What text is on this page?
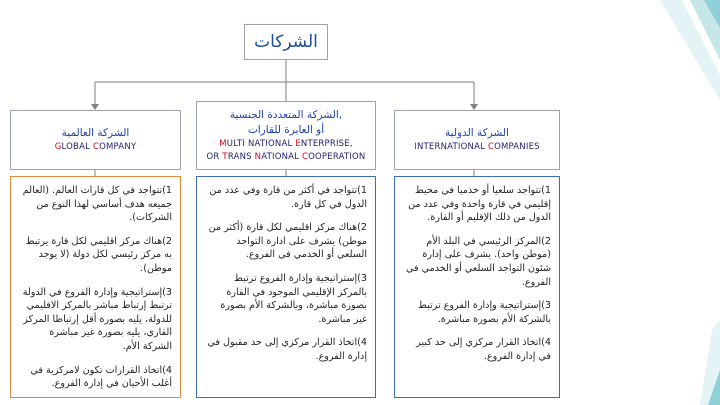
الشركات
الشركة العالمية
GLOBAL COMPANY
الشركة المتعددة الجنسية,
أو العابرة للقارات
MULTI NATIONAL ENTERPRISE,
OR TRANS NATIONAL COOPERATION
الشركة الدولية
INTERNATIONAL COMPANIES

1)تتواجد في كل قارات العالم. (العالم جميعه هدف أساسي لهذا النوع من الشركات).

2)هناك مركز اقليمي لكل قارة يرتبط به مركز رئيسي لكل دولة (لا يوجد موطن).

3)إستراتيجية وإدارة الفروع في الدولة ترتبط إرتباط مباشر بالمركز الاقليمي للدولة، يليه بصورة أقل إرتباطا المركز القاري، يليه بصورة غير مباشرة الشركة الأم.

4)اتخاذ القرارات تكون لامركزية في أغلب الأحيان في إدارة الفروع.

1)تتواجد في أكثر من قارة وفي عدد من الدول في كل قارة.

2)هناك مركز اقليمي لكل قارة (أكثر من موطن) يشرف على ادارة التواجد السلعي أو الخدمي في الفروع.

3)إستراتيجية وإدارة الفروع ترتبط بالمركز الإقليمي الموجود في القارة بصورة مباشرة، وبالشركة الأم بصورة غير مباشرة.

4)اتخاذ القرار مركزي إلى حد مقبول في إدارة الفروع.

1)تتواجد سلعيا أو خدميا في محيط إقليمي في قارة واحدة وفي عدد من الدول من ذلك الإقليم أو القارة.

2)المركز الرئيسي في البلد الأم (موطن واحد). يشرف على إدارة شئون التواجد السلعي أو الخدمي في الفروع.

3)إستراتيجية وإدارة الفروع ترتبط بالشركة الأم بصورة مباشرة.

4)اتخاذ القرار مركزي إلى حد كبير في إدارة الفروع.
